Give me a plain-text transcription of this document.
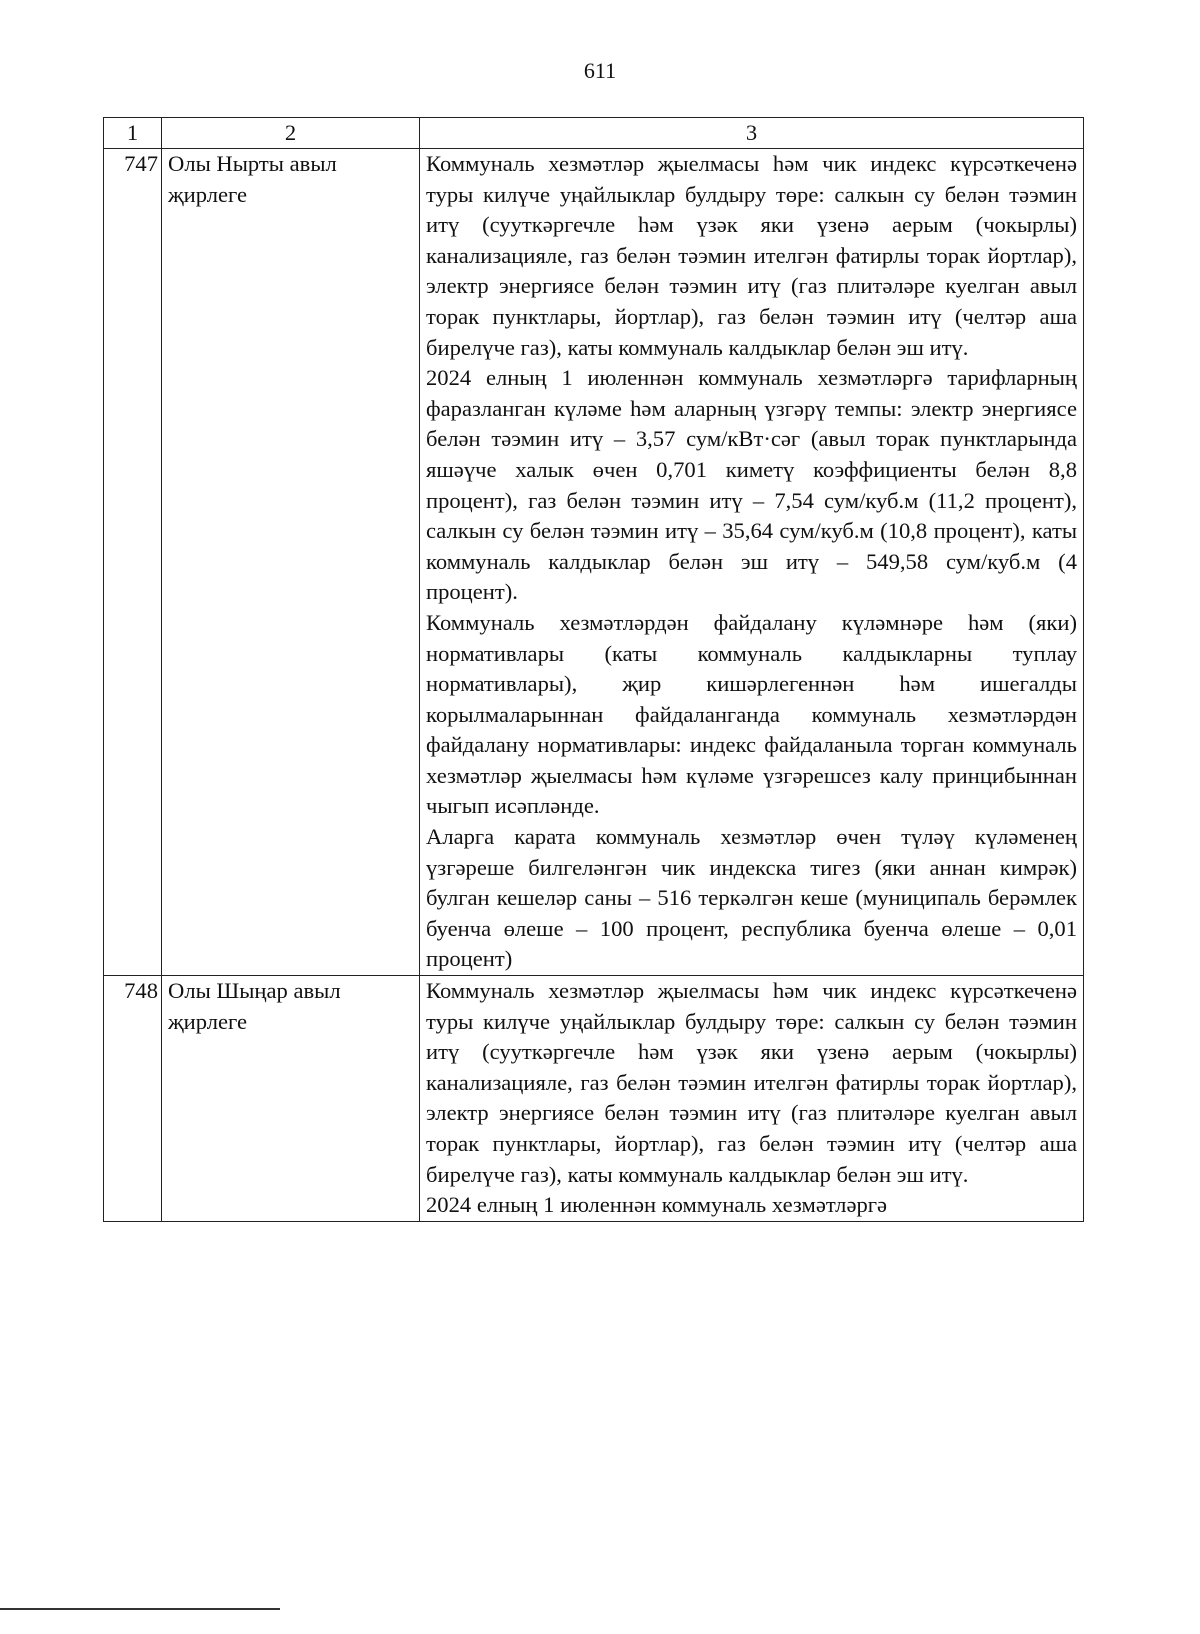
611
1	2	3
747	Олы Нырты авыл җирлеге	Коммуналь хезмәтләр җыелмасы һәм чик индекс күрсәткеченә туры килүче уңайлыклар булдыру төре: салкын су белән тәэмин итү (сууткәргечле һәм үзәк яки үзенә аерым (чокырлы) канализацияле, газ белән тәэмин ителгән фатирлы торак йортлар), электр энергиясе белән тәэмин итү (газ плитәләре куелган авыл торак пунктлары, йортлар), газ белән тәэмин итү (челтәр аша бирелүче газ), каты коммуналь калдыклар белән эш итү.

2024 елның 1 июленнән коммуналь хезмәтләргә тарифларның фаразланган күләме һәм аларның үзгәрү темпы: электр энергиясе белән тәэмин итү – 3,57 сум/кВт·сәг (авыл торак пунктларында яшәүче халык өчен 0,701 киметү коэффициенты белән 8,8 процент), газ белән тәэмин итү – 7,54 сум/куб.м (11,2 процент), салкын су белән тәэмин итү – 35,64 сум/куб.м (10,8 процент), каты коммуналь калдыклар белән эш итү – 549,58 сум/куб.м (4 процент).

Коммуналь хезмәтләрдән файдалану күләмнәре һәм (яки) нормативлары (каты коммуналь калдыкларны туплау нормативлары), җир кишәрлегеннән һәм ишегалды корылмаларыннан файдаланганда коммуналь хезмәтләрдән файдалану нормативлары: индекс файдаланыла торган коммуналь хезмәтләр җыелмасы һәм күләме үзгәрешсез калу принцибыннан чыгып исәпләнде.

Аларга карата коммуналь хезмәтләр өчен түләү күләменең үзгәреше билгеләнгән чик индекска тигез (яки аннан кимрәк) булган кешеләр саны – 516 теркәлгән кеше (муниципаль берәмлек буенча өлеше – 100 процент, республика буенча өлеше – 0,01 процент)

748	Олы Шыңар авыл җирлеге	Коммуналь хезмәтләр җыелмасы һәм чик индекс күрсәткеченә туры килүче уңайлыклар булдыру төре: салкын су белән тәэмин итү (сууткәргечле һәм үзәк яки үзенә аерым (чокырлы) канализацияле, газ белән тәэмин ителгән фатирлы торак йортлар), электр энергиясе белән тәэмин итү (газ плитәләре куелган авыл торак пунктлары, йортлар), газ белән тәэмин итү (челтәр аша бирелүче газ), каты коммуналь калдыклар белән эш итү.

2024 елның 1 июленнән коммуналь хезмәтләргә
